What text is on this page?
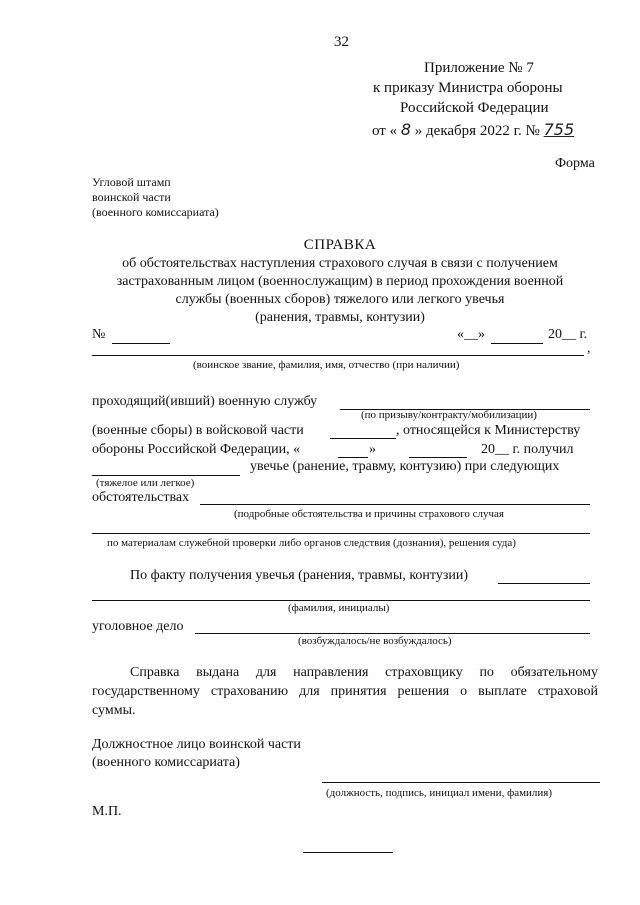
32
Приложение № 7
к приказу Министра обороны
Российской Федерации
от « 8 » декабря 2022 г. № 755
Форма
Угловой штамп
воинской части
(военного комиссариата)
СПРАВКА
об обстоятельствах наступления страхового случая в связи с получением
застрахованным лицом (военнослужащим) в период прохождения военной
службы (военных сборов) тяжелого или легкого увечья
(ранения, травмы, контузии)
№	«__»	20__ г.
,
(воинское звание, фамилия, имя, отчество (при наличии)
проходящий(ивший) военную службу
(по призыву/контракту/мобилизации)
(военные сборы) в войсковой части	, относящейся к Министерству
обороны Российской Федерации, «	»	20__ г. получил
увечье (ранение, травму, контузию) при следующих
(тяжелое или легкое)
обстоятельствах
(подробные обстоятельства и причины страхового случая
по материалам служебной проверки либо органов следствия (дознания), решения суда)
По факту получения увечья (ранения, травмы, контузии)
(фамилия, инициалы)
уголовное дело
(возбуждалось/не возбуждалось)
Справка выдана для направления страховщику по обязательному
государственному страхованию для принятия решения о выплате страховой
суммы.
Должностное лицо воинской части
(военного комиссариата)
(должность, подпись, инициал имени, фамилия)
М.П.
